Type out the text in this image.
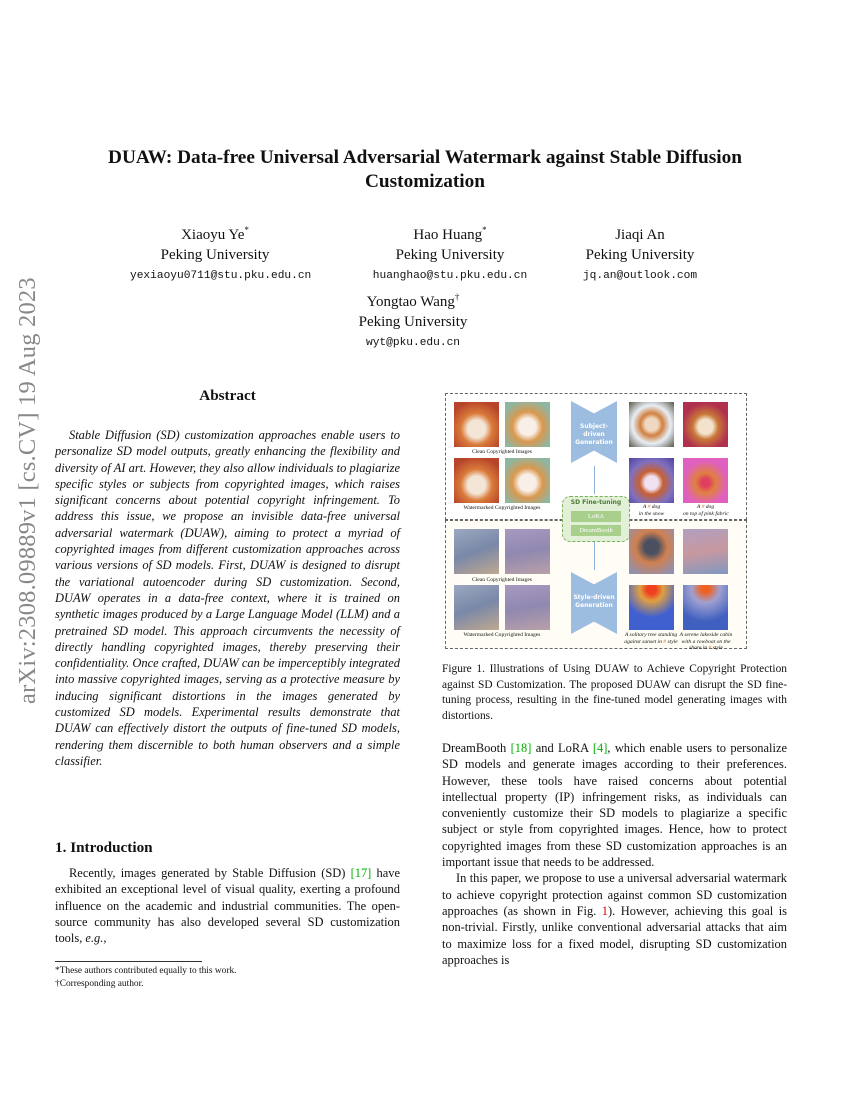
arXiv:2308.09889v1 [cs.CV] 19 Aug 2023
DUAW: Data-free Universal Adversarial Watermark against Stable Diffusion Customization
Xiaoyu Ye*
Peking University
yexiaoyu0711@stu.pku.edu.cn
Hao Huang*
Peking University
huanghao@stu.pku.edu.cn
Jiaqi An
Peking University
jq.an@outlook.com
Yongtao Wang†
Peking University
wyt@pku.edu.cn
Abstract

Stable Diffusion (SD) customization approaches enable users to personalize SD model outputs, greatly enhancing the flexibility and diversity of AI art. However, they also allow individuals to plagiarize specific styles or subjects from copyrighted images, which raises significant concerns about potential copyright infringement. To address this issue, we propose an invisible data-free universal adversarial watermark (DUAW), aiming to protect a myriad of copyrighted images from different customization approaches across various versions of SD models. First, DUAW is designed to disrupt the variational autoencoder during SD customization. Second, DUAW operates in a data-free context, where it is trained on synthetic images produced by a Large Language Model (LLM) and a pretrained SD model. This approach circumvents the necessity of directly handling copyrighted images, thereby preserving their confidentiality. Once crafted, DUAW can be imperceptibly integrated into massive copyrighted images, serving as a protective measure by inducing significant distortions in the images generated by customized SD models. Experimental results demonstrate that DUAW can effectively distort the outputs of fine-tuned SD models, rendering them discernible to both human observers and a simple classifier.

1. Introduction

Recently, images generated by Stable Diffusion (SD) [17] have exhibited an exceptional level of visual quality, exerting a profound influence on the academic and industrial communities. The open-source community has also developed several SD customization tools, e.g.,

*These authors contributed equally to this work.
†Corresponding author.
Clean Copyrighted Images
Watermarked Copyrighted Images
Subject-driven Generation
SD Fine-tuning
LoRA
DreamBooth
Style-driven Generation
A # dog
in the snow
A # dog
on top of pink fabric
Clean Copyrighted Images
Watermarked Copyrighted Images	A solitary tree standing
against sunset in # style
A serene lakeside cabin
with a rowboat on the
shore in # style
Figure 1. Illustrations of Using DUAW to Achieve Copyright Protection against SD Customization. The proposed DUAW can disrupt the SD fine-tuning process, resulting in the fine-tuned model generating images with distortions.

DreamBooth [18] and LoRA [4], which enable users to personalize SD models and generate images according to their preferences. However, these tools have raised concerns about potential intellectual property (IP) infringement risks, as individuals can conveniently customize their SD models to plagiarize a specific subject or style from copyrighted images. Hence, how to protect copyrighted images from these SD customization approaches is an important issue that needs to be addressed.

In this paper, we propose to use a universal adversarial watermark to achieve copyright protection against common SD customization approaches (as shown in Fig. 1). However, achieving this goal is non-trivial. Firstly, unlike conventional adversarial attacks that aim to maximize loss for a fixed model, disrupting SD customization approaches is
